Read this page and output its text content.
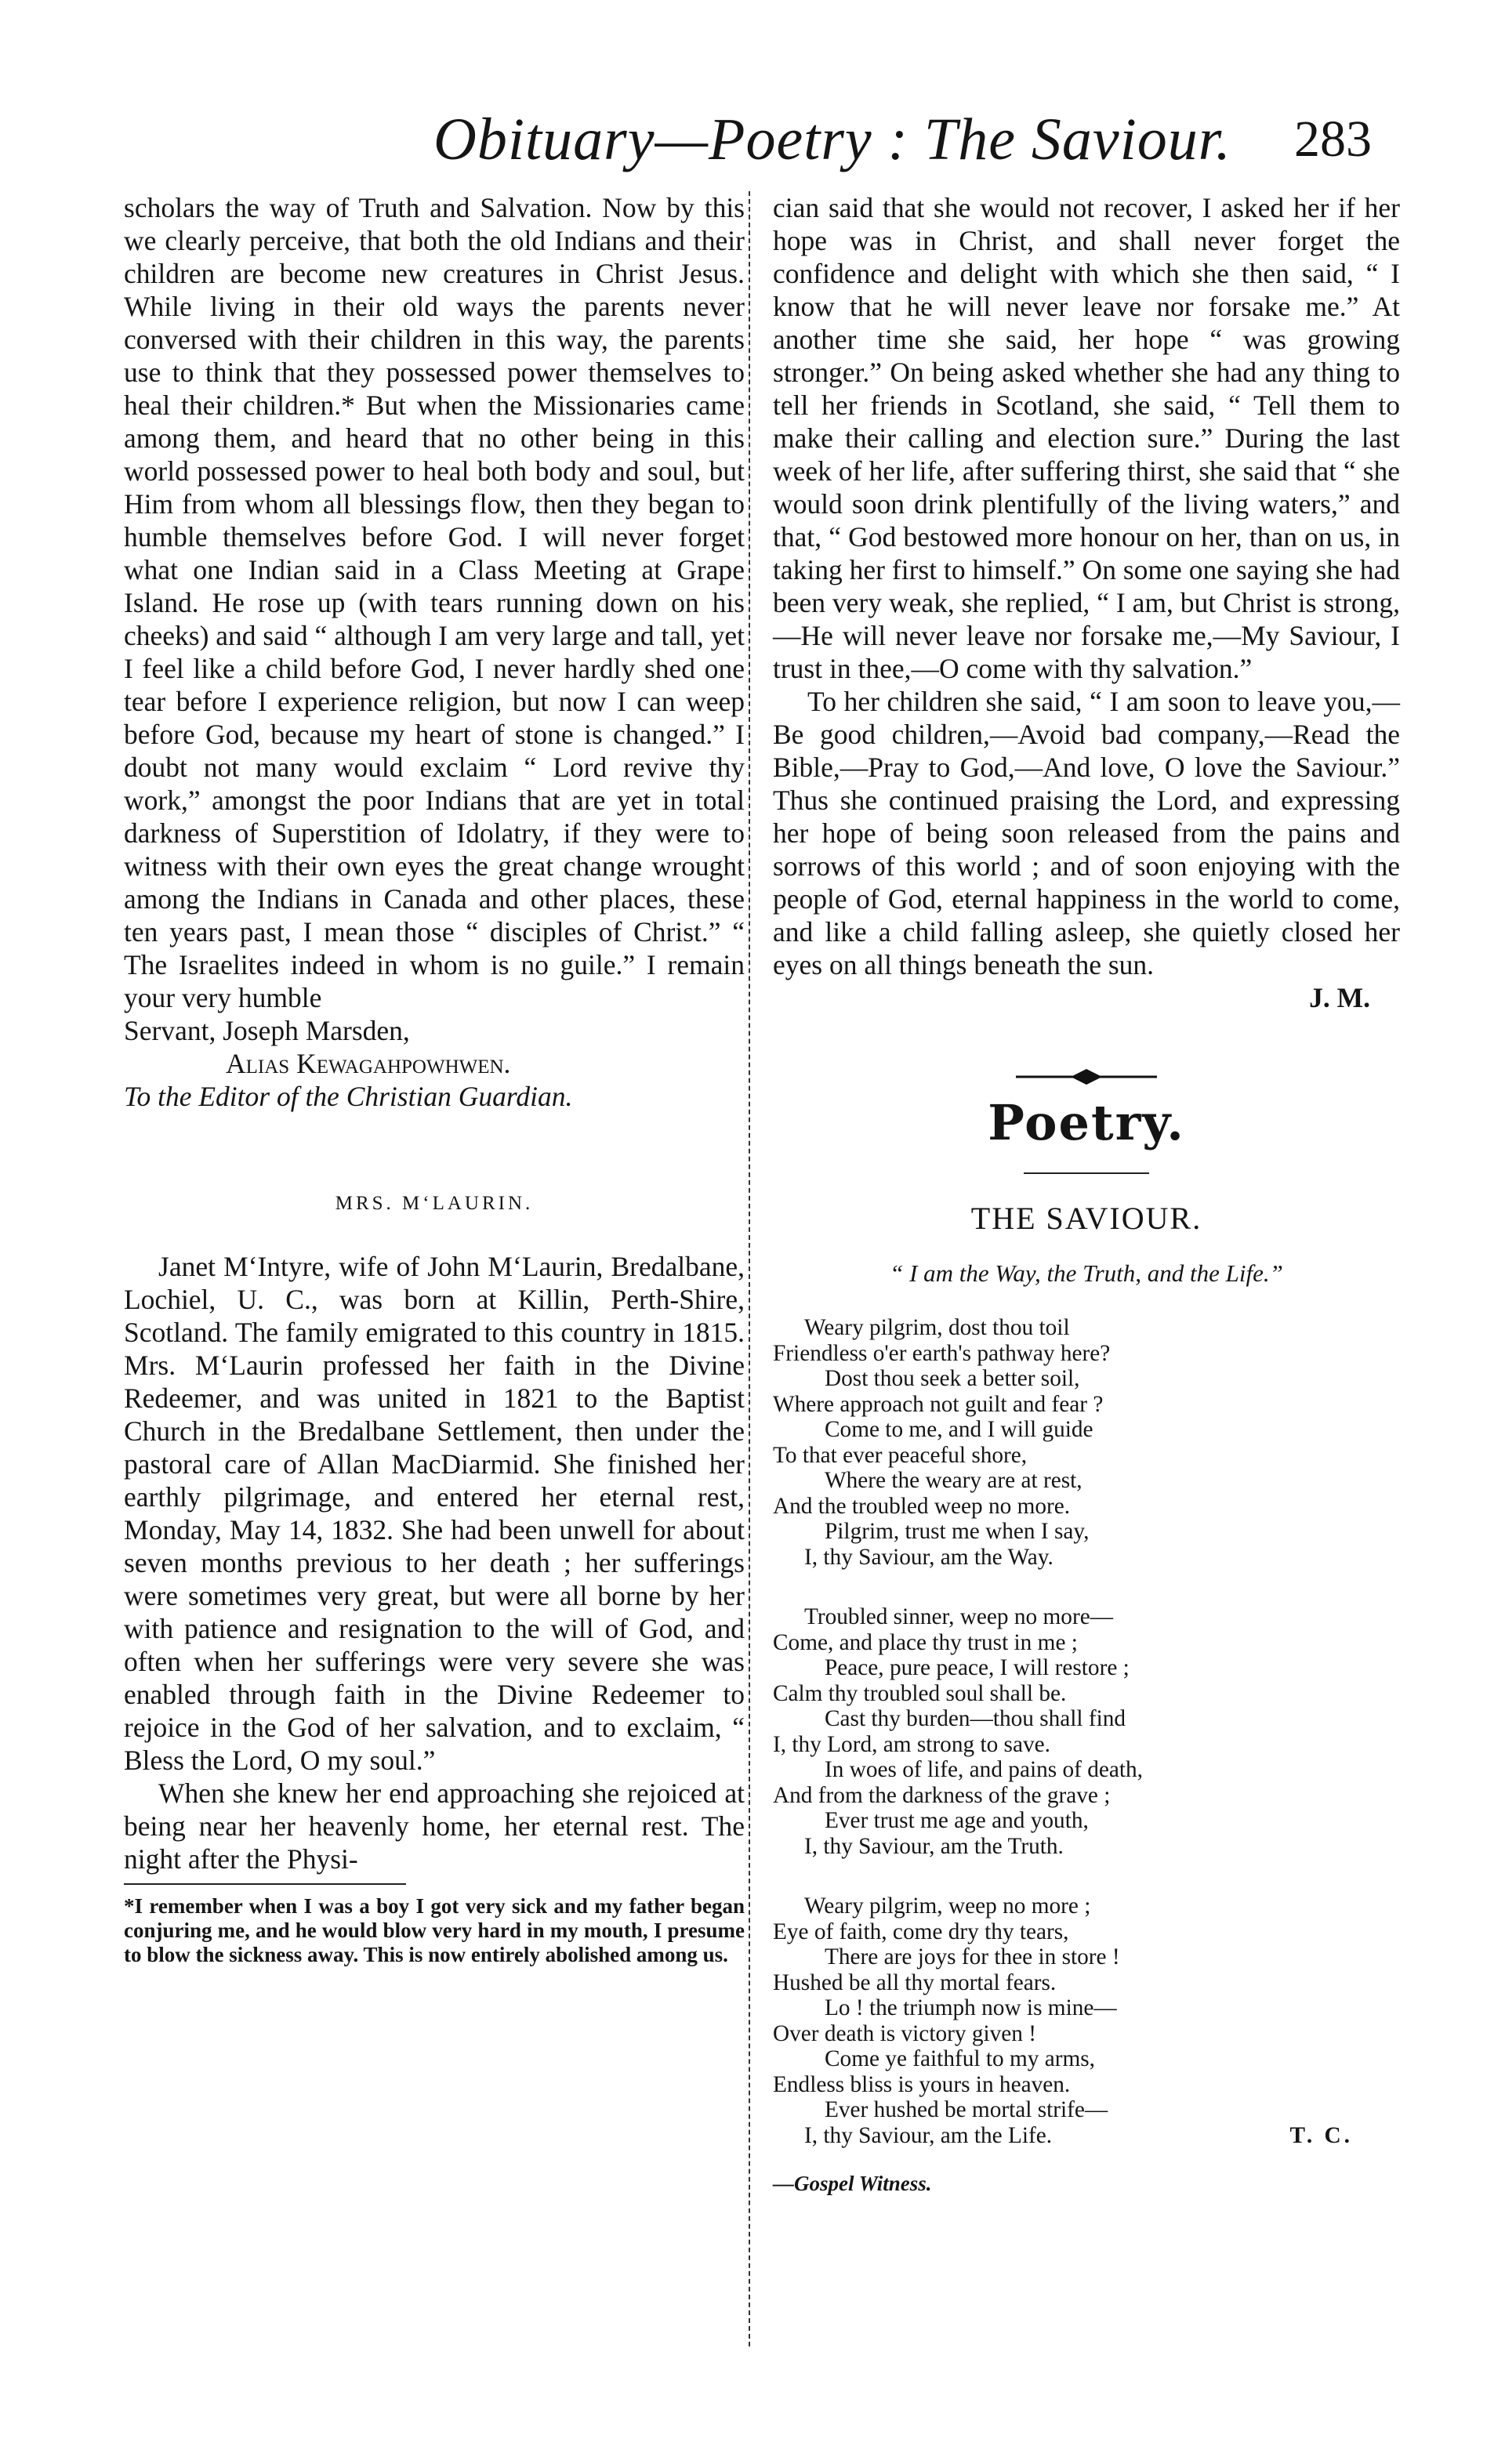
Obituary—Poetry : The Saviour.	283

scholars the way of Truth and Salvation. Now by this we clearly perceive, that both the old Indians and their children are become new creatures in Christ Jesus. While living in their old ways the parents never conversed with their children in this way, the parents use to think that they possessed power themselves to heal their children.* But when the Missionaries came among them, and heard that no other being in this world possessed power to heal both body and soul, but Him from whom all blessings flow, then they began to humble themselves before God. I will never forget what one Indian said in a Class Meeting at Grape Island. He rose up (with tears running down on his cheeks) and said “ although I am very large and tall, yet I feel like a child before God, I never hardly shed one tear before I experience religion, but now I can weep before God, because my heart of stone is changed.” I doubt not many would exclaim “ Lord revive thy work,” amongst the poor Indians that are yet in total darkness of Superstition of Idolatry, if they were to witness with their own eyes the great change wrought among the Indians in Canada and other places, these ten years past, I mean those “ disciples of Christ.” “ The Israelites indeed in whom is no guile.” I remain your very humble

Servant, Joseph Marsden,

Alias Kewagahpowhwen.

To the Editor of the Christian Guardian.

MRS. M‘LAURIN.

Janet M‘Intyre, wife of John M‘Laurin, Bredalbane, Lochiel, U. C., was born at Killin, Perth-Shire, Scotland. The family emigrated to this country in 1815. Mrs. M‘Laurin professed her faith in the Divine Redeemer, and was united in 1821 to the Baptist Church in the Bredalbane Settlement, then under the pastoral care of Allan MacDiarmid. She finished her earthly pilgrimage, and entered her eternal rest, Monday, May 14, 1832. She had been unwell for about seven months previous to her death ; her sufferings were sometimes very great, but were all borne by her with patience and resignation to the will of God, and often when her sufferings were very severe she was enabled through faith in the Divine Redeemer to rejoice in the God of her salvation, and to exclaim, “ Bless the Lord, O my soul.”

When she knew her end approaching she rejoiced at being near her heavenly home, her eternal rest. The night after the Physi-

*I remember when I was a boy I got very sick and my father began conjuring me, and he would blow very hard in my mouth, I presume to blow the sickness away. This is now entirely abolished among us.

cian said that she would not recover, I asked her if her hope was in Christ, and shall never forget the confidence and delight with which she then said, “ I know that he will never leave nor forsake me.” At another time she said, her hope “ was growing stronger.” On being asked whether she had any thing to tell her friends in Scotland, she said, “ Tell them to make their calling and election sure.” During the last week of her life, after suffering thirst, she said that “ she would soon drink plentifully of the living waters,” and that, “ God bestowed more honour on her, than on us, in taking her first to himself.” On some one saying she had been very weak, she replied, “ I am, but Christ is strong,—He will never leave nor forsake me,—My Saviour, I trust in thee,—O come with thy salvation.”

To her children she said, “ I am soon to leave you,—Be good children,—Avoid bad company,—Read the Bible,—Pray to God,—And love, O love the Saviour.” Thus she continued praising the Lord, and expressing her hope of being soon released from the pains and sorrows of this world ; and of soon enjoying with the people of God, eternal happiness in the world to come, and like a child falling asleep, she quietly closed her eyes on all things beneath the sun.

J. M.

Poetry.
THE SAVIOUR.
“ I am the Way, the Truth, and the Life.”
Weary pilgrim, dost thou toil
Friendless o'er earth's pathway here?
Dost thou seek a better soil,
Where approach not guilt and fear ?
Come to me, and I will guide
To that ever peaceful shore,
Where the weary are at rest,
And the troubled weep no more.
Pilgrim, trust me when I say,
I, thy Saviour, am the Way.
Troubled sinner, weep no more—
Come, and place thy trust in me ;
Peace, pure peace, I will restore ;
Calm thy troubled soul shall be.
Cast thy burden—thou shall find
I, thy Lord, am strong to save.
In woes of life, and pains of death,
And from the darkness of the grave ;
Ever trust me age and youth,
I, thy Saviour, am the Truth.
Weary pilgrim, weep no more ;
Eye of faith, come dry thy tears,
There are joys for thee in store !
Hushed be all thy mortal fears.
Lo ! the triumph now is mine—
Over death is victory given !
Come ye faithful to my arms,
Endless bliss is yours in heaven.
Ever hushed be mortal strife—
I, thy Saviour, am the Life.	T. C.

—Gospel Witness.
